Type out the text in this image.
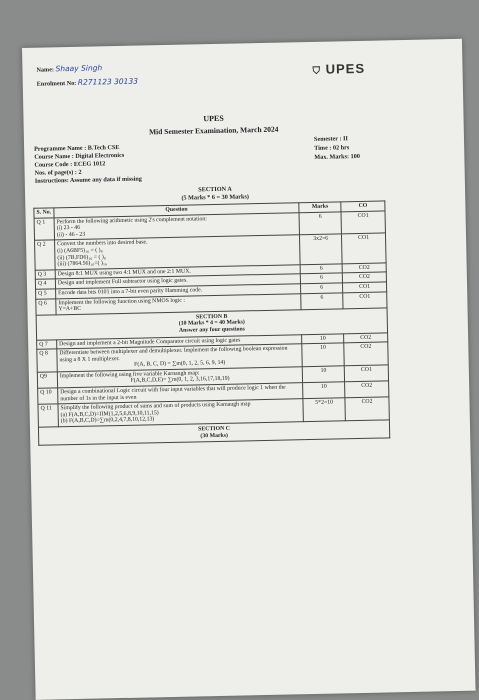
Name: Shaay Singh
Enrolment No: R271123 30133
⛉ UPES
UPES
Mid Semester Examination, March 2024
Programme Name : B.Tech CSE
Course Name : Digital Electronics
Course Code : ECEG 1012
Nos. of page(s) : 2
Instructions: Assume any data if missing
Semester : II
Time : 02 hrs
Max. Marks: 100
SECTION A
(5 Marks * 6 = 30 Marks)
S. No.	Question	Marks	CO
Q 1	Perform the following arithmetic using 2's complement notation:
(i) 23 - 46
(ii) - 46 - 23	6	CO1
Q 2	Convert the numbers into desired base.
(i) (A6BF5)₁₆ = ( )₈
(ii) (7B.FD6)₁₆ = ( )₈
(iii) (7864.56)₁₀=( )₁₆	3x2=6	CO1
Q 3	Design 8:1 MUX using two 4:1 MUX and one 2:1 MUX.	6	CO2
Q 4	Design and implement Full subtractor using logic gates.	6	CO2
Q 5	Encode data bits 0101 into a 7-bit even parity Hamming code.	6	CO1
Q 6	Implement the following function using NMOS logic :
Y=A+BC	6	CO1

SECTION B
(10 Marks * 4 = 40 Marks)
Answer any four questions			

Q 7	Design and implement a 2-bit Magnitude Comparator circuit using logic gates	10	CO2
Q 8	Differentiate between multiplexer and demultiplexer. Implement the following boolean expression using a 8 X 1 multiplexer.
F(A, B, C, D) = ∑m(0, 1, 2, 5, 6, 9, 14)	10	CO2
Q9	Implement the following using five variable Karnaugh map:
F(A,B,C,D,E)= ∑m(0, 1, 2, 3,16,17,18,19)	10	CO1
Q 10	Design a combinational Logic circuit with four input variables that will produce logic 1 when the number of 1s in the input is even	10	CO2
Q 11	Simplify the following product of sums and sum of products using Karnaugh map
(a) F(A,B,C,D)=ΠM(1,2,5,6,8,9,10,11,15)
(b) F(A,B,C,D)=∑m(0,2,4,7,8,10,12,13)	5*2=10	CO2

SECTION C
(30 Marks)			
